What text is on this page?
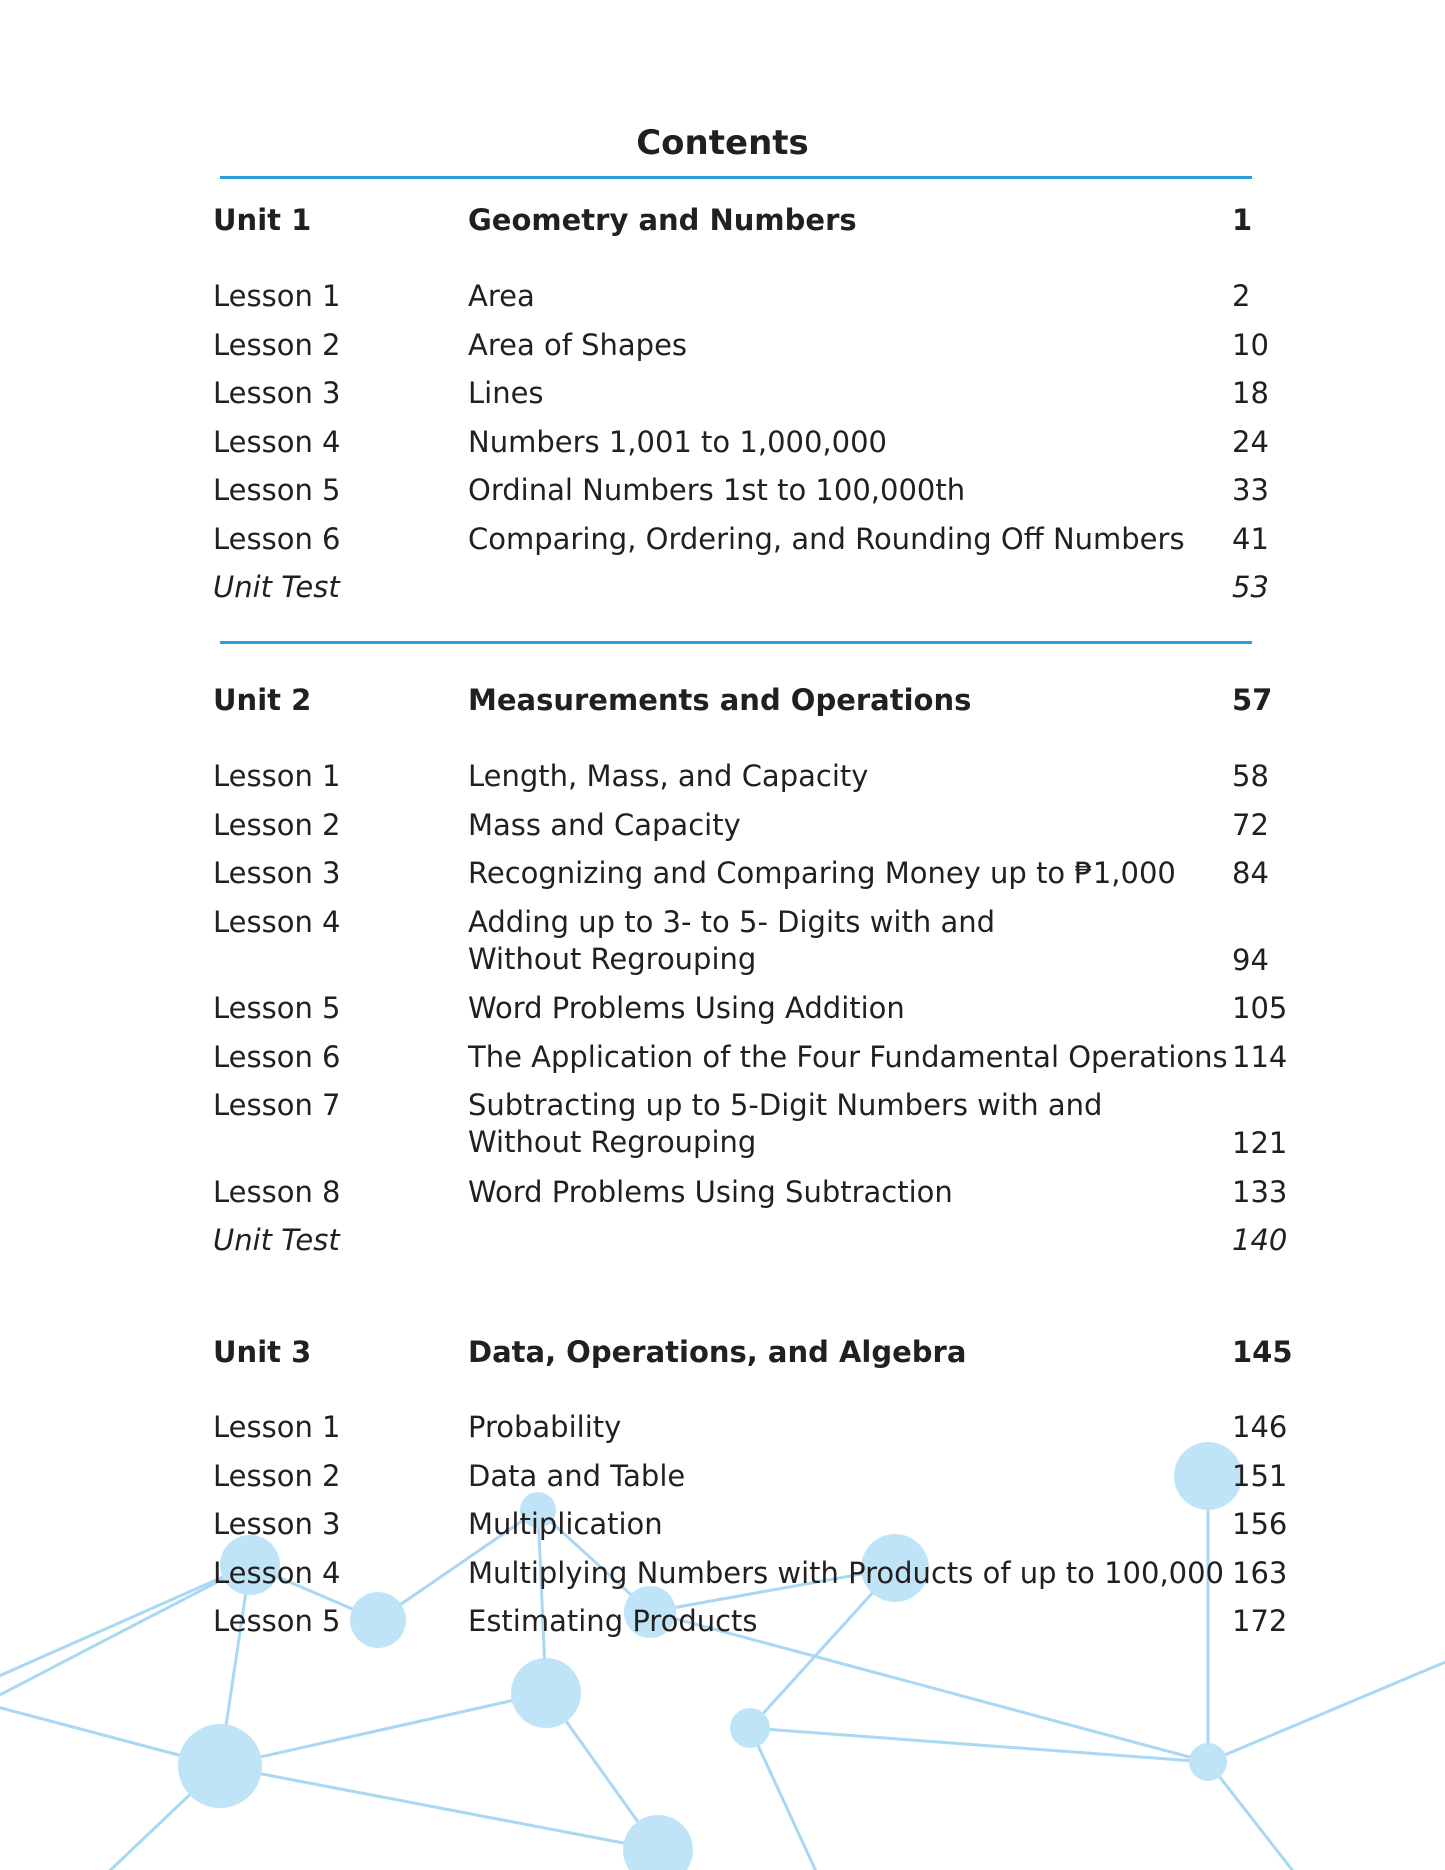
Contents
Unit 1	Geometry and Numbers	1
Lesson 1	Area	2
Lesson 2	Area of Shapes	10
Lesson 3	Lines	18
Lesson 4	Numbers 1,001 to 1,000,000	24
Lesson 5	Ordinal Numbers 1st to 100,000th	33
Lesson 6	Comparing, Ordering, and Rounding Off Numbers	41
Unit Test	53
Unit 2	Measurements and Operations	57
Lesson 1	Length, Mass, and Capacity	58
Lesson 2	Mass and Capacity	72
Lesson 3	Recognizing and Comparing Money up to ₱1,000	84
Lesson 4	Adding up to 3- to 5- Digits with and
Without Regrouping	94
Lesson 5	Word Problems Using Addition	105
Lesson 6	The Application of the Four Fundamental Operations 114
Lesson 7	Subtracting up to 5-Digit Numbers with and
Without Regrouping	121
Lesson 8	Word Problems Using Subtraction	133
Unit Test	140
Unit 3	Data, Operations, and Algebra	145
Lesson 1	Probability	146
Lesson 2	Data and Table	151
Lesson 3	Multiplication	156
Lesson 4	Multiplying Numbers with Products of up to 100,000 163
Lesson 5	Estimating Products	172
